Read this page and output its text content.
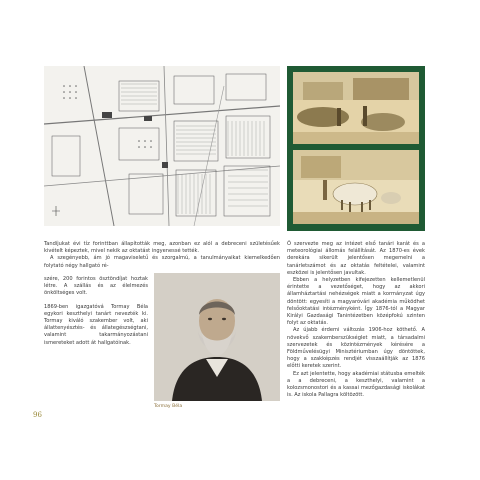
Tandíjukat évi tíz forinttban állapították meg, azonban ez alól a debreceni születésűek kivételt képeztek, mivel nekik az oktatást ingyenessé tették.

A szegényebb, ám jó magaviseletű és szorgalmú, a tanulmányaikat kiemelkedően folytató négy hallgató ré-

szére, 200 forintos ösztöndíjat hoztak létre. A szállás és az élelmezés önköltséges volt.

1869-ben igazgatóvá Tormay Béla egykori keszthelyi tanárt nevezték ki. Tormay kiváló szakember volt, aki állattenyésztés- és állategészségtani, valamint takarmányozástani ismereteket adott át hallgatóinak.

Tormay Béla

Ő szervezte meg az intézet első tanári karát és a meteorológiai állomás felállítását. Az 1870-es évek derekára sikerült jelentősen megemelni a tanárletszámot és az oktatás feltételei, valamint eszközei is jelentősen javultak.

Ebben a helyzetben kifejezetten kellemetlenül érintette a vezetőséget, hogy az akkori államháztartási nehézségek miatt a kormányzat úgy döntött: egyesíti a magyaróvári akadémia működhet felsőoktatási intézményként. Így 1876-tól a Magyar Királyi Gazdasági Tanintézetben középfokú szinten folyt az oktatás.

Az újabb érdemi változás 1906-hoz köthető. A növekvő szakemberszükséglet miatt, a társadalmi szervezetek és közintézmények kérésére a Földművelésügyi Minisztériumban úgy döntöttek, hogy a szakképzés rendjét visszaállítják az 1876 előtti keretek szerint.

Ez azt jelentette, hogy akadémiai státusba emelték a a debreceni, a keszthelyi, valamint a kolozsmonostori és a kassai mezőgazdasági iskolákat is. Az iskola Pallagra költözött.

96
